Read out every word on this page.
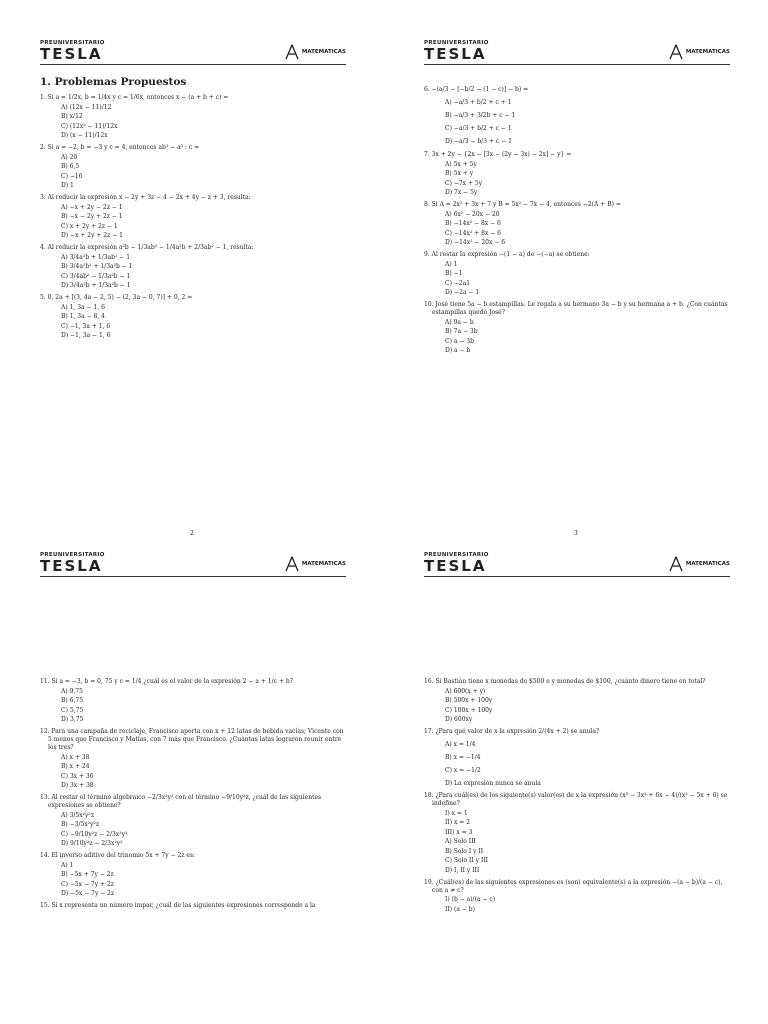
PREUNIVERSITARIO
TESLA	MATEMATICAS
1. Problemas Propuestos
1. Si a = 1/2x, b = 1/4x y c = 1/6x, entonces x − (a + b + c) =
A) (12x − 11)/12
B) x/12
C) (12x² − 11)/12x
D) (x − 11)/12x
2. Si a = −2, b = −3 y c = 4, entonces ab² − a³ : c =
A) 20
B) 6,5
C) −16
D) 1
3. Al reducir la expresión x − 2y + 3z − 4 − 2x + 4y − z + 3, resulta:
A) −x + 2y − 2z − 1
B) −x − 2y + 2z − 1
C) x + 2y + 2z − 1
D) −x + 2y + 2z − 1
4. Al reducir la expresión a²b − 1/3ab² − 1/4a²b + 2/3ab² − 1, resulta:
A) 3/4a²b + 1/3ab² − 1
B) 3/4a²b² + 1/3a²b − 1
C) 3/4ab² − 1/3a²b − 1
D) 3/4a²b + 1/3a²b − 1
5. 0, 2a + [(3, 4a − 2, 5) − (2, 3a − 0, 7)] + 0, 2 =
A) 1, 3a − 1, 6
B) 1, 3a − 8, 4
C) −1, 3a + 1, 6
D) −1, 3a − 1, 6
2
PREUNIVERSITARIO
TESLA	MATEMATICAS
6. −(a/3 − [−b/2 − (1 − c)] − b) =
A) −a/3 + b/2 + c + 1
B) −a/3 + 3/2b + c − 1
C) −a/3 + b/2 + c − 1
D) −a/3 − b/3 + c − 1
7. 3x + 2y − {2x − [3x − (2y − 3x) − 2x] − y} =
A) 5x + 5y
B) 5x + y
C) −7x + 5y
D) 7x − 5y
8. Si A = 2x² + 3x + 7 y B = 5x² − 7x − 4, entonces −2(A + B) =
A) 6x² − 20x − 20
B) −14x² − 8x − 6
C) −14x² + 8x − 6
D) −14x² − 20x − 6
9. Al restar la expresión −(1 − a) de −(−a) se obtiene:
A) 1
B) −1
C) −2a1
D) −2a − 1
10. José tiene 5a − b estampillas. Le regala a su hermano 3a − b y su hermana a + b. ¿Con cuántas estampillas quedó José?
A) 9a − b
B) 7a − 3b
C) a − 3b
D) a − b
3
PREUNIVERSITARIO
TESLA	MATEMATICAS
11. Si a = −3, b = 0, 75 y c = 1/4 ¿cuál es el valor de la expresión 2 − a + 1/c + b?
A) 9,75
B) 6,75
C) 5,75
D) 3,75
12. Para una campaña de reciclaje, Francisco aporta con x + 12 latas de bebida vacías; Vicente con 5 menos que Francisco y Matías, con 7 más que Francisco. ¿Cuántas latas lograron reunir entre los tres?
A) x + 38
B) x + 24
C) 3x + 36
D) 3x + 38
13. Al restar el término algebraico −2/3x²y² con el término −9/10y²z, ¿cuál de las siguientes expresiones se obtiene?
A) 3/5x²y²z
B) −3/5x²y²z
C) −9/10y²z − 2/3x²y²
D) 9/10y²z − 2/3x²y²
14. El inverso aditivo del trinomio 5x + 7y − 2z es:
A) 1
B) −5x + 7y − 2z
C) −5x − 7y + 2z
D) −5x − 7y − 2z
15. Si x representa un número impar, ¿cuál de las siguientes expresiones corresponde a la
PREUNIVERSITARIO
TESLA	MATEMATICAS
16. Si Bastián tiene x monedas de $500 e y monedas de $100, ¿cuánto dinero tiene en total?
A) 600(x + y)
B) 500x + 100y
C) 100x + 100y
D) 600xy
17. ¿Para qué valor de x la expresión 2/(4x + 2) se anula?
A) x = 1/4
B) x = −1/4
C) x = −1/2
D) La expresión nunca se anula
18. ¿Para cuál(es) de los siguiente(s) valor(es) de x la expresión (x³ − 3x² + 6x − 4)/(x² − 5x + 6) se indefine?
I) x = 1
II) x = 2
III) x = 3
A) Solo III
B) Solo I y II
C) Solo II y III
D) I, II y III
19. ¿Cuál(es) de las siguientes expresiones es (son) equivalente(s) a la expresión −(a − b)/(a − c), con a ≠ c?
I) (b − a)/(a − c)
II) (a − b)
